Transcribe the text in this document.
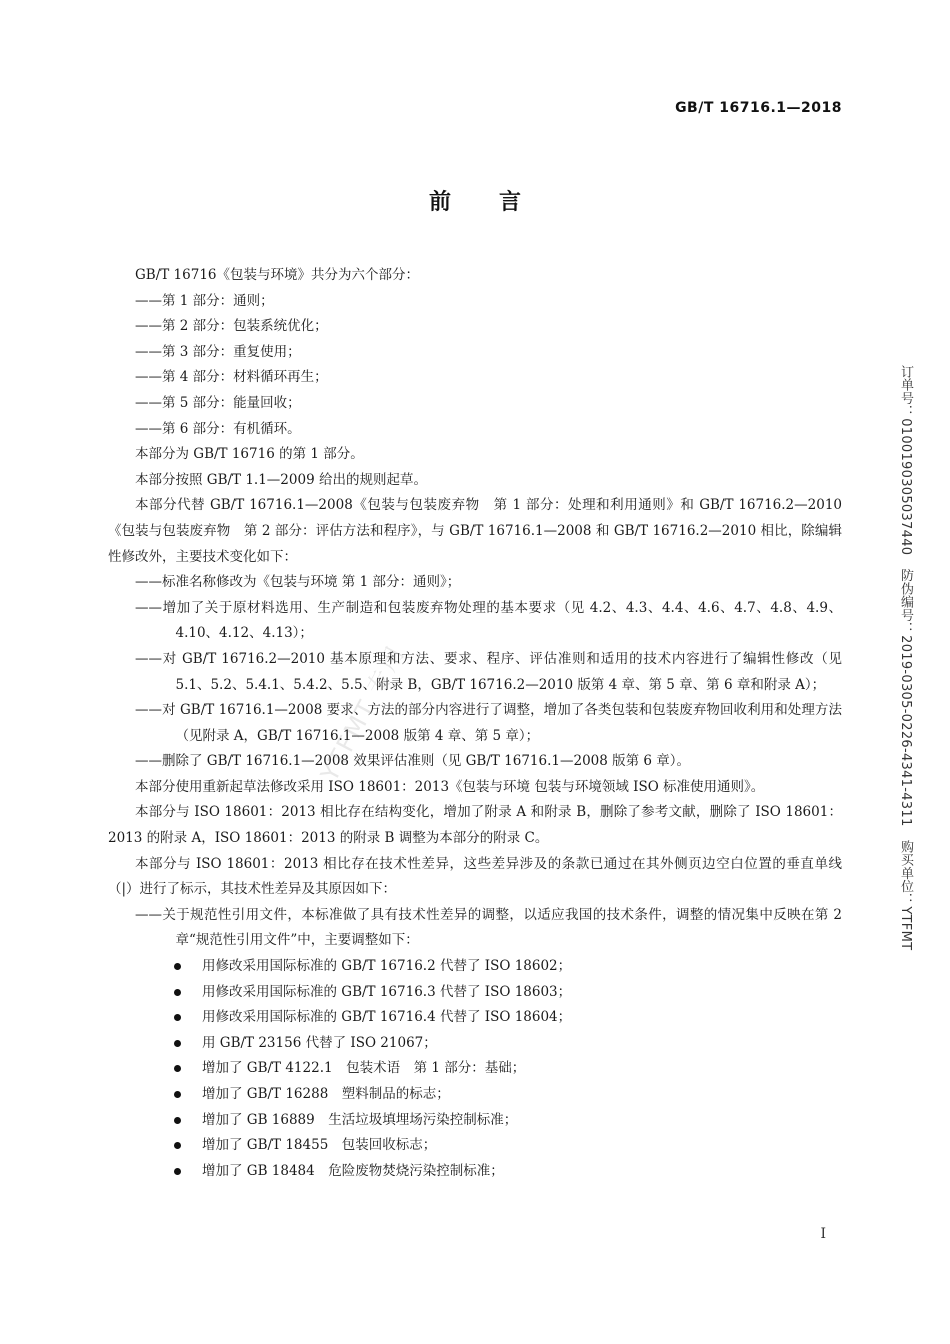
GB/T 16716.1—2018
前言

GB/T 16716《包装与环境》共分为六个部分：

——第 1 部分：通则；

——第 2 部分：包装系统优化；

——第 3 部分：重复使用；

——第 4 部分：材料循环再生；

——第 5 部分：能量回收；

——第 6 部分：有机循环。

本部分为 GB/T 16716 的第 1 部分。

本部分按照 GB/T 1.1—2009 给出的规则起草。

本部分代替 GB/T 16716.1—2008《包装与包装废弃物　第 1 部分：处理和利用通则》和 GB/T 16716.2—2010《包装与包装废弃物　第 2 部分：评估方法和程序》，与 GB/T 16716.1—2008 和 GB/T 16716.2—2010 相比，除编辑性修改外，主要技术变化如下：

——标准名称修改为《包装与环境 第 1 部分：通则》；

——增加了关于原材料选用、生产制造和包装废弃物处理的基本要求（见 4.2、4.3、4.4、4.6、4.7、4.8、4.9、4.10、4.12、4.13）；

——对 GB/T 16716.2—2010 基本原理和方法、要求、程序、评估准则和适用的技术内容进行了编辑性修改（见 5.1、5.2、5.4.1、5.4.2、5.5、附录 B，GB/T 16716.2—2010 版第 4 章、第 5 章、第 6 章和附录 A）；

——对 GB/T 16716.1—2008 要求、方法的部分内容进行了调整，增加了各类包装和包装废弃物回收利用和处理方法（见附录 A，GB/T 16716.1—2008 版第 4 章、第 5 章）；

——删除了 GB/T 16716.1—2008 效果评估准则（见 GB/T 16716.1—2008 版第 6 章）。

本部分使用重新起草法修改采用 ISO 18601：2013《包装与环境 包装与环境领域 ISO 标准使用通则》。

本部分与 ISO 18601：2013 相比存在结构变化，增加了附录 A 和附录 B，删除了参考文献，删除了 ISO 18601：2013 的附录 A，ISO 18601：2013 的附录 B 调整为本部分的附录 C。

本部分与 ISO 18601：2013 相比存在技术性差异，这些差异涉及的条款已通过在其外侧页边空白位置的垂直单线（|）进行了标示，其技术性差异及其原因如下：

——关于规范性引用文件，本标准做了具有技术性差异的调整，以适应我国的技术条件，调整的情况集中反映在第 2 章“规范性引用文件”中，主要调整如下：

用修改采用国际标准的 GB/T 16716.2 代替了 ISO 18602；

用修改采用国际标准的 GB/T 16716.3 代替了 ISO 18603；

用修改采用国际标准的 GB/T 16716.4 代替了 ISO 18604；

用 GB/T 23156 代替了 ISO 21067；

增加了 GB/T 4122.1　包装术语　第 1 部分：基础；

增加了 GB/T 16288　塑料制品的标志；

增加了 GB 16889　生活垃圾填埋场污染控制标准；

增加了 GB/T 18455　包装回收标志；

增加了 GB 18484　危险废物焚烧污染控制标准；

订单号：0100190305037440　防伪编号：2019-0305-0226-4341-4311　购买单位：YTFMT
YTFMT 专用
I
